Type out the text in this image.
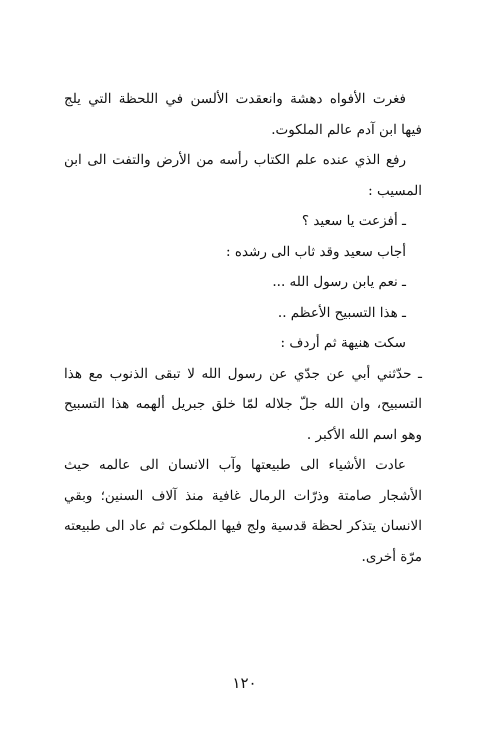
فغرت الأفواه دهشة وانعقدت الألسن في اللحظة التي يلج فيها ابن آدم عالم الملكوت.

رفع الذي عنده علم الكتاب رأسه من الأرض والتفت الى ابن المسيب :

ـ أفزعت يا سعيد ؟

أجاب سعيد وقد ثاب الى رشده :

ـ نعم يابن رسول الله ...

ـ هذا التسبيح الأعظم ..

سكت هنيهة ثم أردف :

ـ حدّثني أبي عن جدّي عن رسول الله لا تبقى الذنوب مع هذا التسبيح، وان الله جلّ جلاله لمّا خلق جبريل ألهمه هذا التسبيح وهو اسم الله الأكبر .

عادت الأشياء الى طبيعتها وآب الانسان الى عالمه حيث الأشجار صامتة وذرّات الرمال غافية منذ آلاف السنين؛ وبقي الانسان يتذكر لحظة قدسية ولج فيها الملكوت ثم عاد الى طبيعته مرّة أخرى.

١٢٠
